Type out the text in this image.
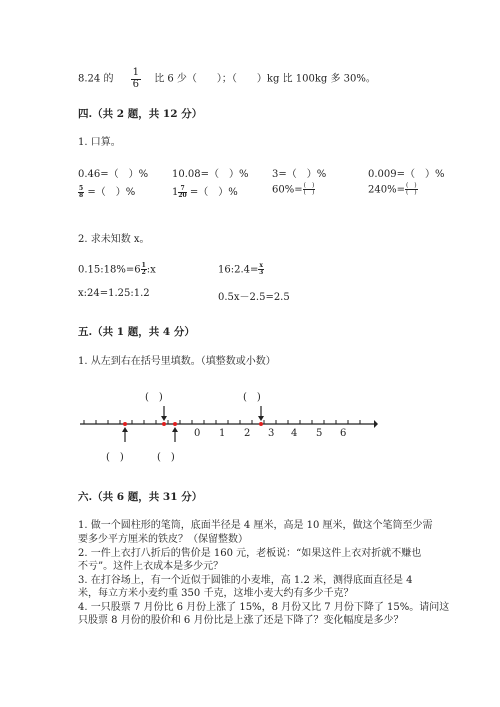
8.24 的 $\frac{1}{6}$ 比 6 少（　　）；（　　）kg 比 100kg 多 30%。
四.（共 2 题，共 12 分）
1. 口算。
0.46=（　）% 10.08=（　）% 3=（　）%	0.009=（　）%
$\frac{5}{8}$ =（　）%	$1 \frac{7}{20}$ =（　）%	$60\%= \frac{( )}{( )}$	$240\%= \frac{( )}{( )}$
2. 求未知数 x。
0.15:18%=6 $\frac{1}{2}$ :x	16:2.4= $\frac{x}{3}$
x:24=1.25:1.2	0.5x－2.5=2.5
五.（共 1 题，共 4 分）
1. 从左到右在括号里填数。（填整数或小数）
0 1 2 3 4 5 6
(　)	(　)
(　)	(　)
六.（共 6 题，共 31 分）
1. 做一个圆柱形的笔筒，底面半径是 4 厘米，高是 10 厘米，做这个笔筒至少需
要多少平方厘米的铁皮？（保留整数）
2. 一件上衣打八折后的售价是 160 元，老板说：“如果这件上衣对折就不赚也
不亏”。这件上衣成本是多少元？
3. 在打谷场上，有一个近似于圆锥的小麦堆，高 1.2 米，测得底面直径是 4
米，每立方米小麦约重 350 千克，这堆小麦大约有多少千克？
4. 一只股票 7 月份比 6 月份上涨了 15%，8 月份又比 7 月份下降了 15%。请问这
只股票 8 月份的股价和 6 月份比是上涨了还是下降了？变化幅度是多少？
